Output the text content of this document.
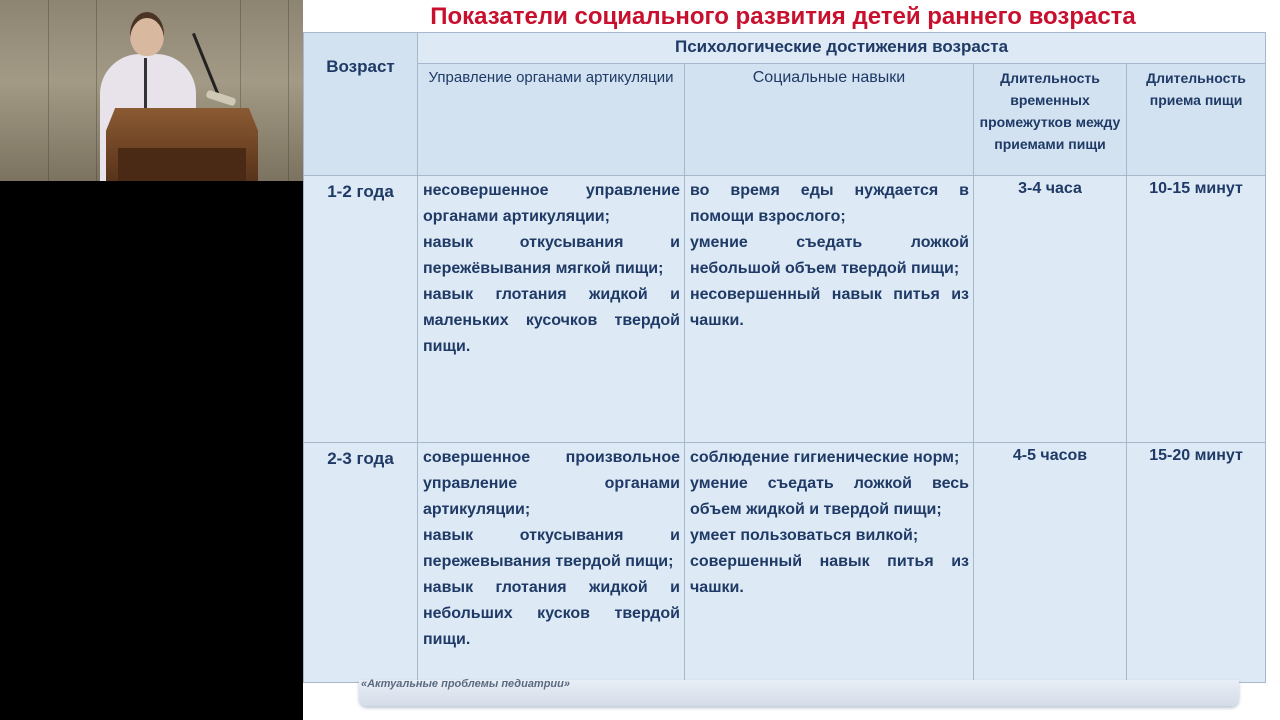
Показатели социального развития детей раннего возраста
Возраст	Психологические достижения возраста			
	Управление органами артикуляции	Социальные навыки	Длительность временных промежутков между приемами пищи	Длительность приема пищи
1-2 года	несовершенное управление органами артикуляции;
навык откусывания и пережёвывания мягкой пищи;
навык глотания жидкой и маленьких кусочков твердой пищи.	во время еды нуждается в помощи взрослого;
умение съедать ложкой небольшой объем твердой пищи;
несовершенный навык питья из чашки.	3-4 часа	10-15 минут
2-3 года	совершенное произвольное управление органами артикуляции;
навык откусывания и пережевывания твердой пищи;
навык глотания жидкой и небольших кусков твердой пищи.	соблюдение гигиенические норм;
умение съедать ложкой весь объем жидкой и твердой пищи;
умеет пользоваться вилкой;
совершенный навык питья из чашки.	4-5 часов	15-20 минут
«Актуальные проблемы педиатрии»
